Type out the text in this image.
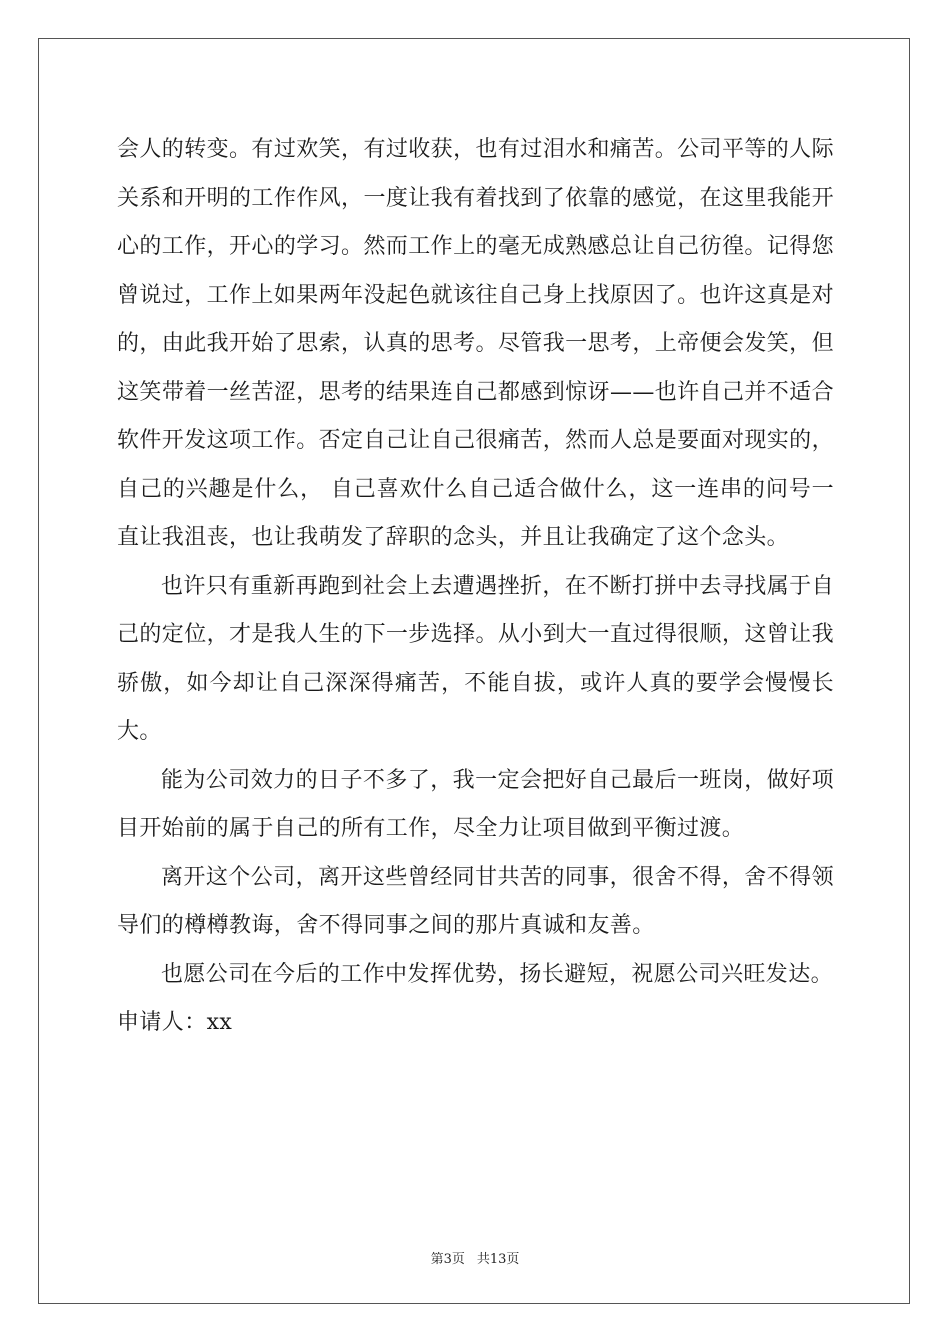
会人的转变。有过欢笑，有过收获，也有过泪水和痛苦。公司平等的人际关系和开明的工作作风，一度让我有着找到了依靠的感觉，在这里我能开心的工作，开心的学习。然而工作上的毫无成熟感总让自己彷徨。记得您曾说过，工作上如果两年没起色就该往自己身上找原因了。也许这真是对的，由此我开始了思索，认真的思考。尽管我一思考，上帝便会发笑，但这笑带着一丝苦涩，思考的结果连自己都感到惊讶——也许自己并不适合软件开发这项工作。否定自己让自己很痛苦，然而人总是要面对现实的，自己的兴趣是什么， 自己喜欢什么自己适合做什么，这一连串的问号一直让我沮丧，也让我萌发了辞职的念头，并且让我确定了这个念头。

也许只有重新再跑到社会上去遭遇挫折，在不断打拼中去寻找属于自己的定位，才是我人生的下一步选择。从小到大一直过得很顺，这曾让我骄傲，如今却让自己深深得痛苦，不能自拔，或许人真的要学会慢慢长大。

能为公司效力的日子不多了，我一定会把好自己最后一班岗，做好项目开始前的属于自己的所有工作，尽全力让项目做到平衡过渡。

离开这个公司，离开这些曾经同甘共苦的同事，很舍不得，舍不得领导们的樽樽教诲，舍不得同事之间的那片真诚和友善。

也愿公司在今后的工作中发挥优势，扬长避短，祝愿公司兴旺发达。

申请人：xx

第3页 共13页
